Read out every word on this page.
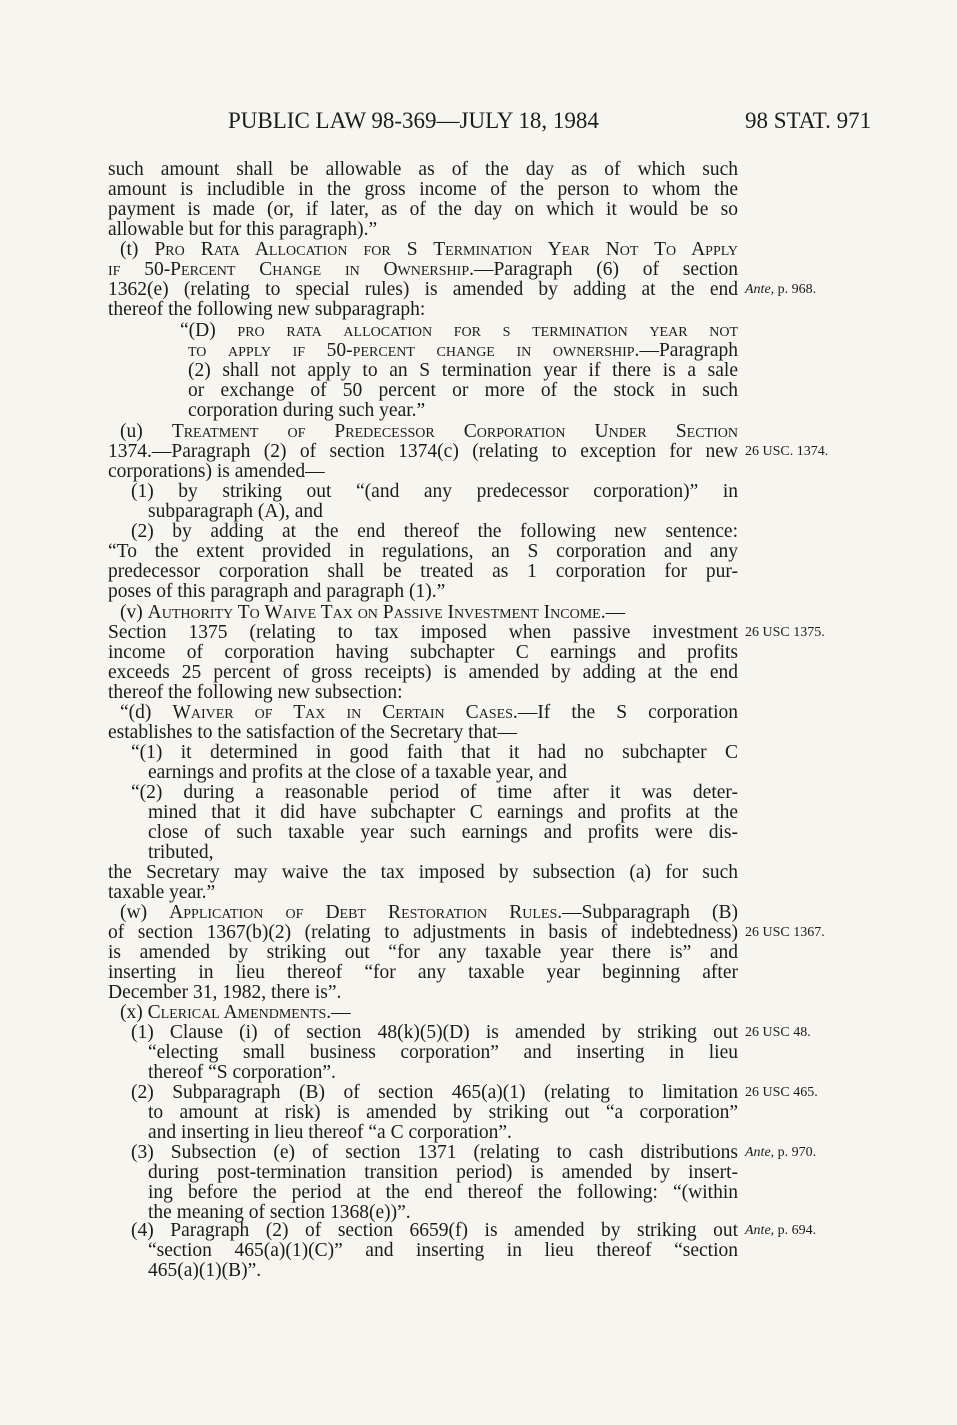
PUBLIC LAW 98-369—JULY 18, 1984	98 STAT. 971
such amount shall be allowable as of the day as of which such
amount is includible in the gross income of the person to whom the
payment is made (or, if later, as of the day on which it would be so
allowable but for this paragraph).”
(t) Pro Rata Allocation for S Termination Year Not To Apply
if 50-Percent Change in Ownership.—Paragraph (6) of section
1362(e) (relating to special rules) is amended by adding at the end
thereof the following new subparagraph:
“(D) pro rata allocation for s termination year not
to apply if 50-percent change in ownership.—Paragraph
(2) shall not apply to an S termination year if there is a sale
or exchange of 50 percent or more of the stock in such
corporation during such year.”
(u) Treatment of Predecessor Corporation Under Section
1374.—Paragraph (2) of section 1374(c) (relating to exception for new
corporations) is amended—
(1) by striking out “(and any predecessor corporation)” in
subparagraph (A), and
(2) by adding at the end thereof the following new sentence:
“To the extent provided in regulations, an S corporation and any
predecessor corporation shall be treated as 1 corporation for pur-
poses of this paragraph and paragraph (1).”
(v) Authority To Waive Tax on Passive Investment Income.—
Section 1375 (relating to tax imposed when passive investment
income of corporation having subchapter C earnings and profits
exceeds 25 percent of gross receipts) is amended by adding at the end
thereof the following new subsection:
“(d) Waiver of Tax in Certain Cases.—If the S corporation
establishes to the satisfaction of the Secretary that—
“(1) it determined in good faith that it had no subchapter C
earnings and profits at the close of a taxable year, and
“(2) during a reasonable period of time after it was deter-
mined that it did have subchapter C earnings and profits at the
close of such taxable year such earnings and profits were dis-
tributed,
the Secretary may waive the tax imposed by subsection (a) for such
taxable year.”
(w) Application of Debt Restoration Rules.—Subparagraph (B)
of section 1367(b)(2) (relating to adjustments in basis of indebtedness)
is amended by striking out “for any taxable year there is” and
inserting in lieu thereof “for any taxable year beginning after
December 31, 1982, there is”.
(x) Clerical Amendments.—
(1) Clause (i) of section 48(k)(5)(D) is amended by striking out
“electing small business corporation” and inserting in lieu
thereof “S corporation”.
(2) Subparagraph (B) of section 465(a)(1) (relating to limitation
to amount at risk) is amended by striking out “a corporation”
and inserting in lieu thereof “a C corporation”.
(3) Subsection (e) of section 1371 (relating to cash distributions
during post-termination transition period) is amended by insert-
ing before the period at the end thereof the following: “(within
the meaning of section 1368(e))”.
(4) Paragraph (2) of section 6659(f) is amended by striking out
“section 465(a)(1)(C)” and inserting in lieu thereof “section
465(a)(1)(B)”.
Ante, p. 968.
26 USC. 1374.
26 USC 1375.
26 USC 1367.
26 USC 48.
26 USC 465.
Ante, p. 970.
Ante, p. 694.
